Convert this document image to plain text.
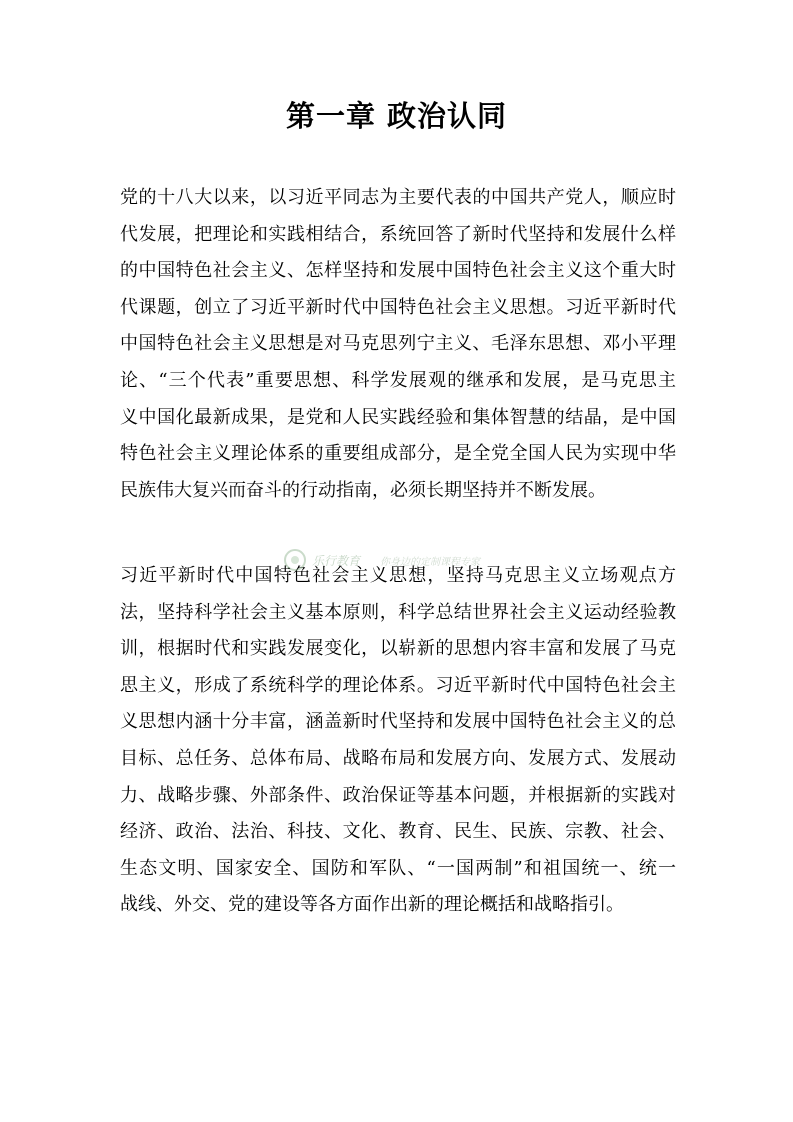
第一章 政治认同
党的十八大以来，以习近平同志为主要代表的中国共产党人，顺应时
代发展，把理论和实践相结合，系统回答了新时代坚持和发展什么样
的中国特色社会主义、怎样坚持和发展中国特色社会主义这个重大时
代课题，创立了习近平新时代中国特色社会主义思想。习近平新时代
中国特色社会主义思想是对马克思列宁主义、毛泽东思想、邓小平理
论、“三个代表”重要思想、科学发展观的继承和发展，是马克思主
义中国化最新成果，是党和人民实践经验和集体智慧的结晶，是中国
特色社会主义理论体系的重要组成部分，是全党全国人民为实现中华
民族伟大复兴而奋斗的行动指南，必须长期坚持并不断发展。
习近平新时代中国特色社会主义思想，坚持马克思主义立场观点方
法，坚持科学社会主义基本原则，科学总结世界社会主义运动经验教
训，根据时代和实践发展变化，以崭新的思想内容丰富和发展了马克
思主义，形成了系统科学的理论体系。习近平新时代中国特色社会主
义思想内涵十分丰富，涵盖新时代坚持和发展中国特色社会主义的总
目标、总任务、总体布局、战略布局和发展方向、发展方式、发展动
力、战略步骤、外部条件、政治保证等基本问题，并根据新的实践对
经济、政治、法治、科技、文化、教育、民生、民族、宗教、社会、
生态文明、国家安全、国防和军队、“一国两制”和祖国统一、统一
战线、外交、党的建设等各方面作出新的理论概括和战略指引。
乐行教育 你身边的定制课程专家
